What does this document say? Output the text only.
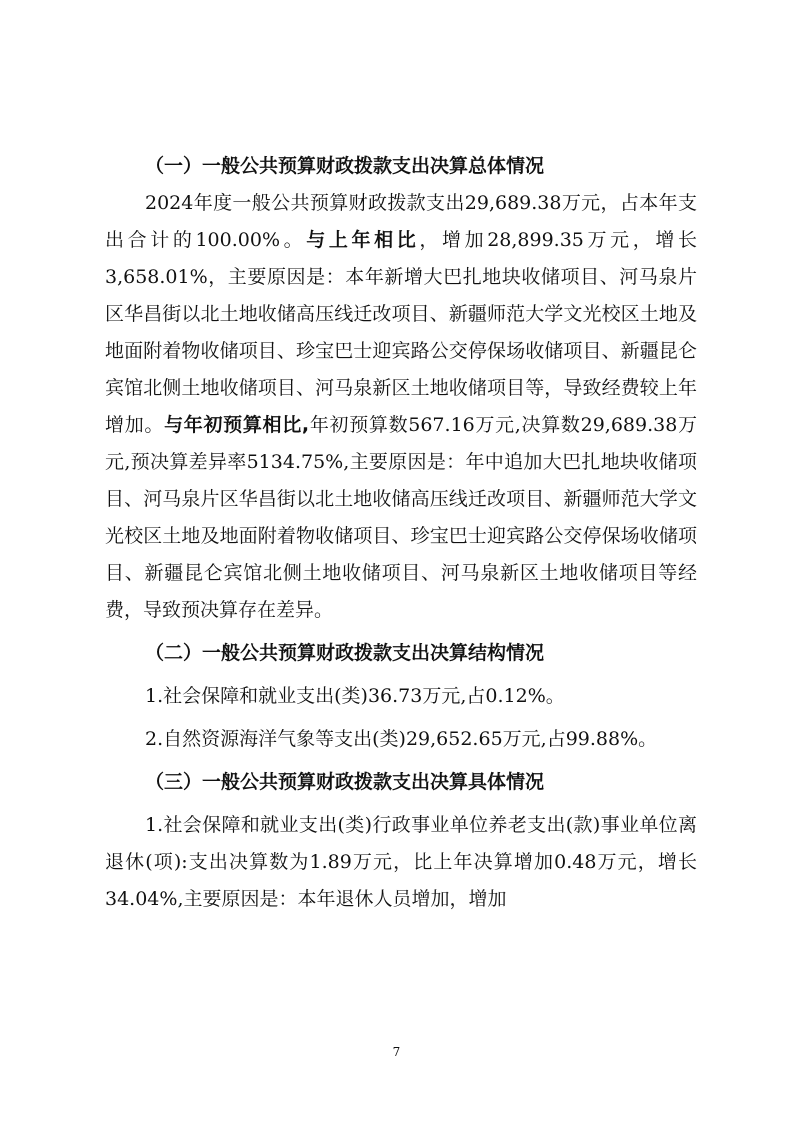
（一）一般公共预算财政拨款支出决算总体情况

2024年度一般公共预算财政拨款支出29,689.38万元，占本年支出合计的100.00%。与上年相比，增加28,899.35万元，增长3,658.01%，主要原因是：本年新增大巴扎地块收储项目、河马泉片区华昌街以北土地收储高压线迁改项目、新疆师范大学文光校区土地及地面附着物收储项目、珍宝巴士迎宾路公交停保场收储项目、新疆昆仑宾馆北侧土地收储项目、河马泉新区土地收储项目等，导致经费较上年增加。与年初预算相比,年初预算数567.16万元,决算数29,689.38万元,预决算差异率5134.75%,主要原因是：年中追加大巴扎地块收储项目、河马泉片区华昌街以北土地收储高压线迁改项目、新疆师范大学文光校区土地及地面附着物收储项目、珍宝巴士迎宾路公交停保场收储项目、新疆昆仑宾馆北侧土地收储项目、河马泉新区土地收储项目等经费，导致预决算存在差异。

（二）一般公共预算财政拨款支出决算结构情况

1.社会保障和就业支出(类)36.73万元,占0.12%。

2.自然资源海洋气象等支出(类)29,652.65万元,占99.88%。

（三）一般公共预算财政拨款支出决算具体情况

1.社会保障和就业支出(类)行政事业单位养老支出(款)事业单位离退休(项):支出决算数为1.89万元，比上年决算增加0.48万元，增长34.04%,主要原因是：本年退休人员增加，增加

7
